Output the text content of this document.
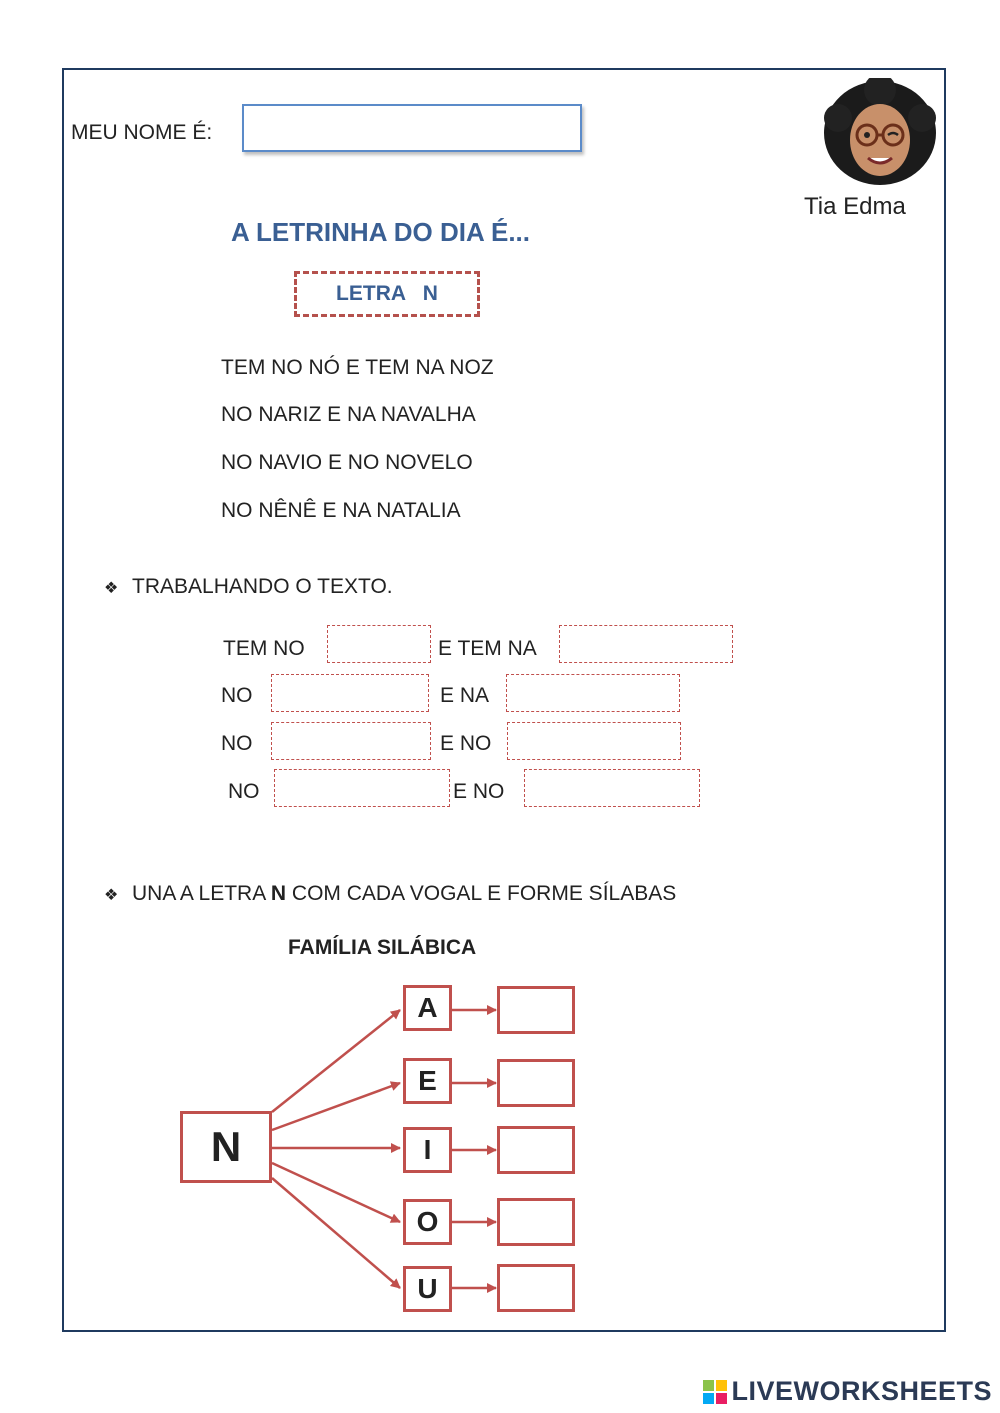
MEU NOME É:
Tia Edma
A LETRINHA DO DIA É...
LETRA   N
TEM NO NÓ E TEM NA NOZ
NO NARIZ E NA NAVALHA
NO NAVIO E NO NOVELO
NO NÊNÊ E NA NATALIA
❖ TRABALHANDO O TEXTO.
TEM NO	E TEM NA
NO	E NA
NO	E NO
NO	E NO
❖ UNA A LETRA N COM CADA VOGAL E FORME SÍLABAS
FAMÍLIA SILÁBICA
N
A
E
I
O
U
LIVEWORKSHEETS
